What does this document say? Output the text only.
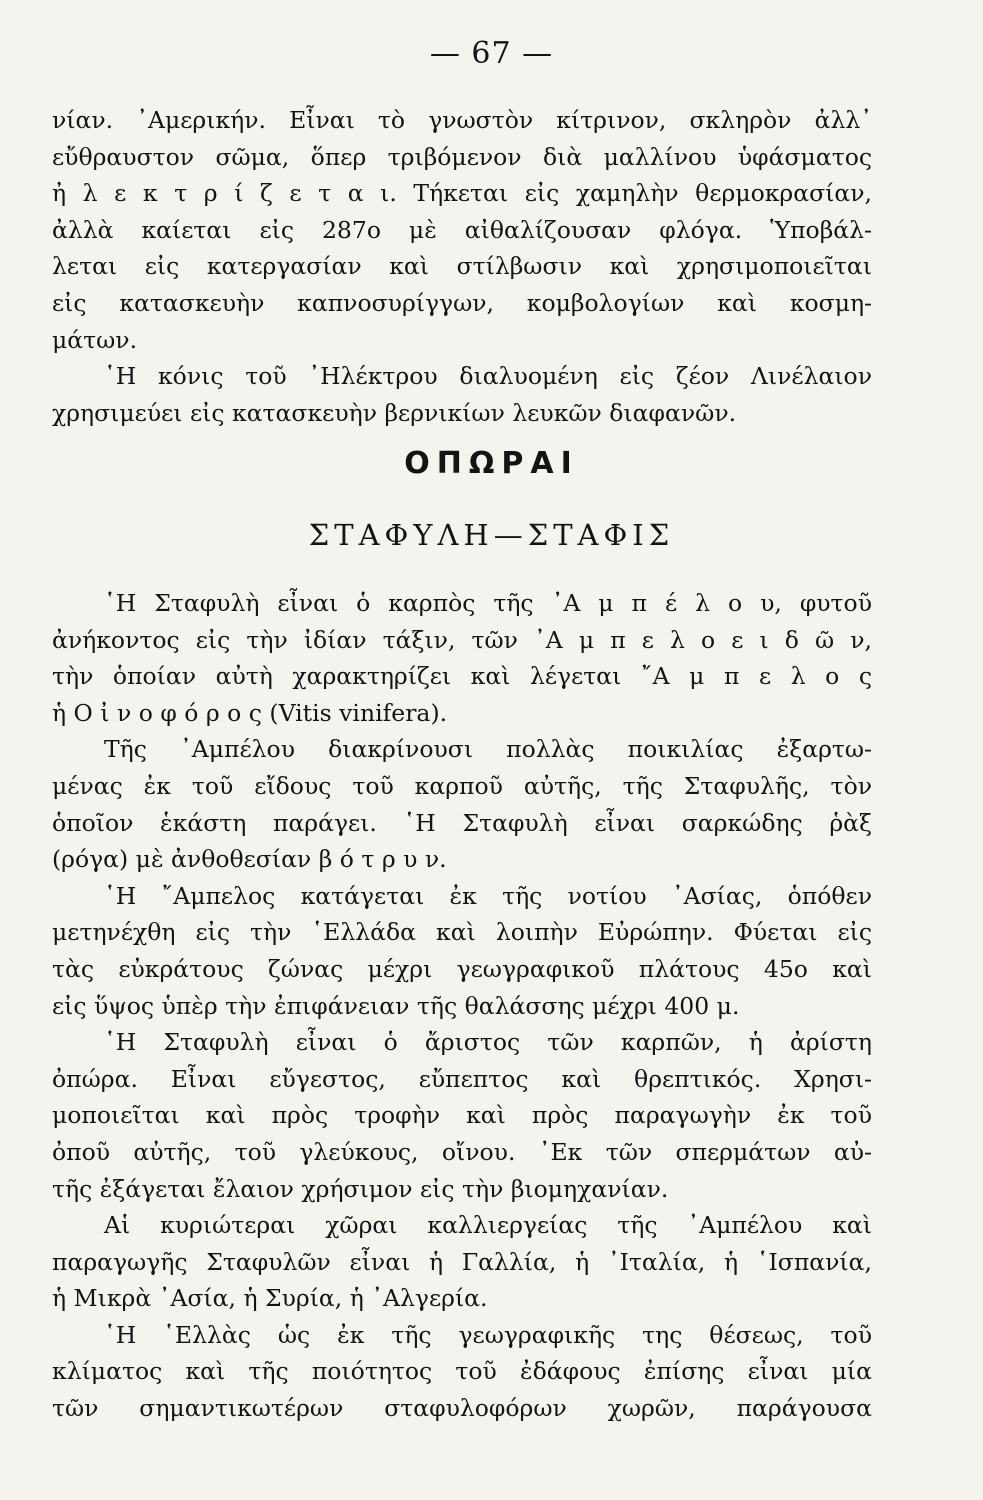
— 67 —
νίαν. ᾿Αμερικήν. Εἶναι τὸ γνωστὸν κίτρινον, σκληρὸν ἀλλ᾿
εὔθραυστον σῶμα, ὅπερ τριβόμενον διὰ μαλλίνου ὑφάσματος
ἠ λ ε κ τ ρ ί ζ ε τ α ι. Τήκεται εἰς χαμηλὴν θερμοκρασίαν,
ἀλλὰ καίεται εἰς 287ο μὲ αἰθαλίζουσαν φλόγα. Ὑποβάλ-
λεται εἰς κατεργασίαν καὶ στίλβωσιν καὶ χρησιμοποιεῖται
εἰς κατασκευὴν καπνοσυρίγγων, κομβολογίων καὶ κοσμη-
μάτων.
῾Η κόνις τοῦ ᾿Ηλέκτρου διαλυομένη εἰς ζέον Λινέλαιον
χρησιμεύει εἰς κατασκευὴν βερνικίων λευκῶν διαφανῶν.
ΟΠΩΡΑΙ
ΣΤΑΦΥΛΗ—ΣΤΑΦΙΣ
῾Η Σταφυλὴ εἶναι ὁ καρπὸς τῆς ᾿Α μ π έ λ ο υ, φυτοῦ
ἀνήκοντος εἰς τὴν ἰδίαν τάξιν, τῶν ᾿Α μ π ε λ ο ε ι δ ῶ ν,
τὴν ὁποίαν αὐτὴ χαρακτηρίζει καὶ λέγεται ῎Α μ π ε λ ο ς
ἡ Ο ἰ ν ο φ ό ρ ο ς (Vitis vinifera).
Τῆς ᾿Αμπέλου διακρίνουσι πολλὰς ποικιλίας ἐξαρτω-
μένας ἐκ τοῦ εἴδους τοῦ καρποῦ αὐτῆς, τῆς Σταφυλῆς, τὸν
ὁποῖον ἑκάστη παράγει. ῾Η Σταφυλὴ εἶναι σαρκώδης ῥὰξ
(ρόγα) μὲ ἀνθοθεσίαν β ό τ ρ υ ν.
῾Η ῎Αμπελος κατάγεται ἐκ τῆς νοτίου ᾿Ασίας, ὁπόθεν
μετηνέχθη εἰς τὴν ῾Ελλάδα καὶ λοιπὴν Εὐρώπην. Φύεται εἰς
τὰς εὐκράτους ζώνας μέχρι γεωγραφικοῦ πλάτους 45ο καὶ
εἰς ὕψος ὑπὲρ τὴν ἐπιφάνειαν τῆς θαλάσσης μέχρι 400 μ.
῾Η Σταφυλὴ εἶναι ὁ ἄριστος τῶν καρπῶν, ἡ ἀρίστη
ὀπώρα. Εἶναι εὔγεστος, εὔπεπτος καὶ θρεπτικός. Χρησι-
μοποιεῖται καὶ πρὸς τροφὴν καὶ πρὸς παραγωγὴν ἐκ τοῦ
ὀποῦ αὐτῆς, τοῦ γλεύκους, οἴνου. ᾿Εκ τῶν σπερμάτων αὐ-
τῆς ἐξάγεται ἔλαιον χρήσιμον εἰς τὴν βιομηχανίαν.
Αἱ κυριώτεραι χῶραι καλλιεργείας τῆς ᾿Αμπέλου καὶ
παραγωγῆς Σταφυλῶν εἶναι ἡ Γαλλία, ἡ ᾿Ιταλία, ἡ ῾Ισπανία,
ἡ Μικρὰ ᾿Ασία, ἡ Συρία, ἡ ᾿Αλγερία.
῾Η ῾Ελλὰς ὡς ἐκ τῆς γεωγραφικῆς της θέσεως, τοῦ
κλίματος καὶ τῆς ποιότητος τοῦ ἐδάφους ἐπίσης εἶναι μία
τῶν σημαντικωτέρων σταφυλοφόρων χωρῶν, παράγουσα
